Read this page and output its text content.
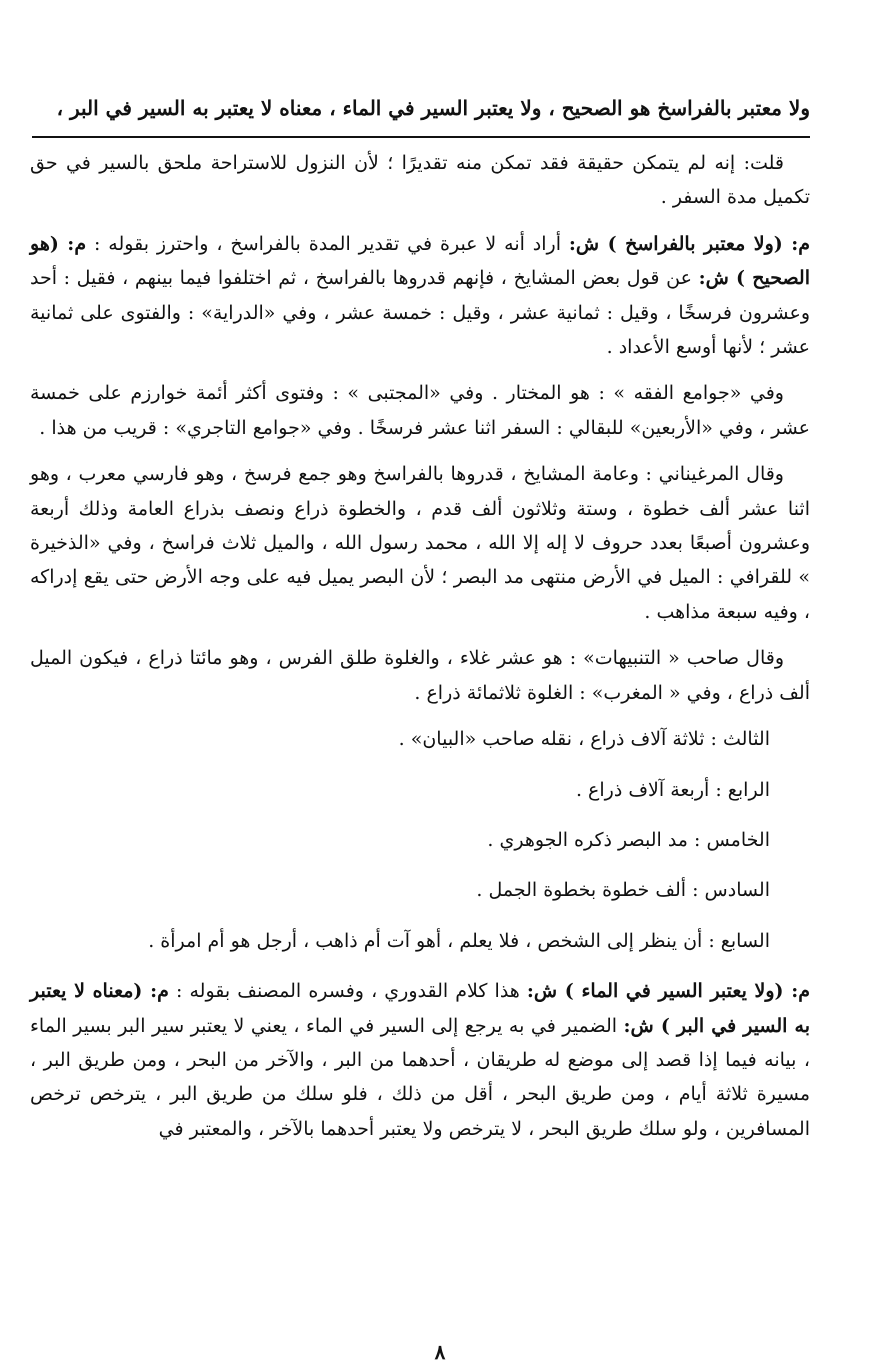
ولا معتبر بالفراسخ هو الصحيح ، ولا يعتبر السير في الماء ، معناه لا يعتبر به السير في البر ،

قلت: إنه لم يتمكن حقيقة فقد تمكن منه تقديرًا ؛ لأن النزول للاستراحة ملحق بالسير في حق تكميل مدة السفر .

م: (ولا معتبر بالفراسخ ) ش: أراد أنه لا عبرة في تقدير المدة بالفراسخ ، واحترز بقوله : م: (هو الصحيح ) ش: عن قول بعض المشايخ ، فإنهم قدروها بالفراسخ ، ثم اختلفوا فيما بينهم ، فقيل : أحد وعشرون فرسخًا ، وقيل : ثمانية عشر ، وقيل : خمسة عشر ، وفي «الدراية» : والفتوى على ثمانية عشر ؛ لأنها أوسع الأعداد .

وفي «جوامع الفقه » : هو المختار . وفي «المجتبى » : وفتوى أكثر أئمة خوارزم على خمسة عشر ، وفي «الأربعين» للبقالي : السفر اثنا عشر فرسخًا . وفي «جوامع التاجري» : قريب من هذا .

وقال المرغيناني : وعامة المشايخ ، قدروها بالفراسخ وهو جمع فرسخ ، وهو فارسي معرب ، وهو اثنا عشر ألف خطوة ، وستة وثلاثون ألف قدم ، والخطوة ذراع ونصف بذراع العامة وذلك أربعة وعشرون أصبعًا بعدد حروف لا إله إلا الله ، محمد رسول الله ، والميل ثلاث فراسخ ، وفي «الذخيرة » للقرافي : الميل في الأرض منتهى مد البصر ؛ لأن البصر يميل فيه على وجه الأرض حتى يقع إدراكه ، وفيه سبعة مذاهب .

وقال صاحب « التنبيهات» : هو عشر غلاء ، والغلوة طلق الفرس ، وهو مائتا ذراع ، فيكون الميل ألف ذراع ، وفي « المغرب» : الغلوة ثلاثمائة ذراع .

الثالث : ثلاثة آلاف ذراع ، نقله صاحب «البيان» .

الرابع : أربعة آلاف ذراع .

الخامس : مد البصر ذكره الجوهري .

السادس : ألف خطوة بخطوة الجمل .

السابع : أن ينظر إلى الشخص ، فلا يعلم ، أهو آت أم ذاهب ، أرجل هو أم امرأة .

م: (ولا يعتبر السير في الماء ) ش: هذا كلام القدوري ، وفسره المصنف بقوله : م: (معناه لا يعتبر به السير في البر ) ش: الضمير في به يرجع إلى السير في الماء ، يعني لا يعتبر سير البر بسير الماء ، بيانه فيما إذا قصد إلى موضع له طريقان ، أحدهما من البر ، والآخر من البحر ، ومن طريق البر ، مسيرة ثلاثة أيام ، ومن طريق البحر ، أقل من ذلك ، فلو سلك من طريق البر ، يترخص ترخص المسافرين ، ولو سلك طريق البحر ، لا يترخص ولا يعتبر أحدهما بالآخر ، والمعتبر في

٨
